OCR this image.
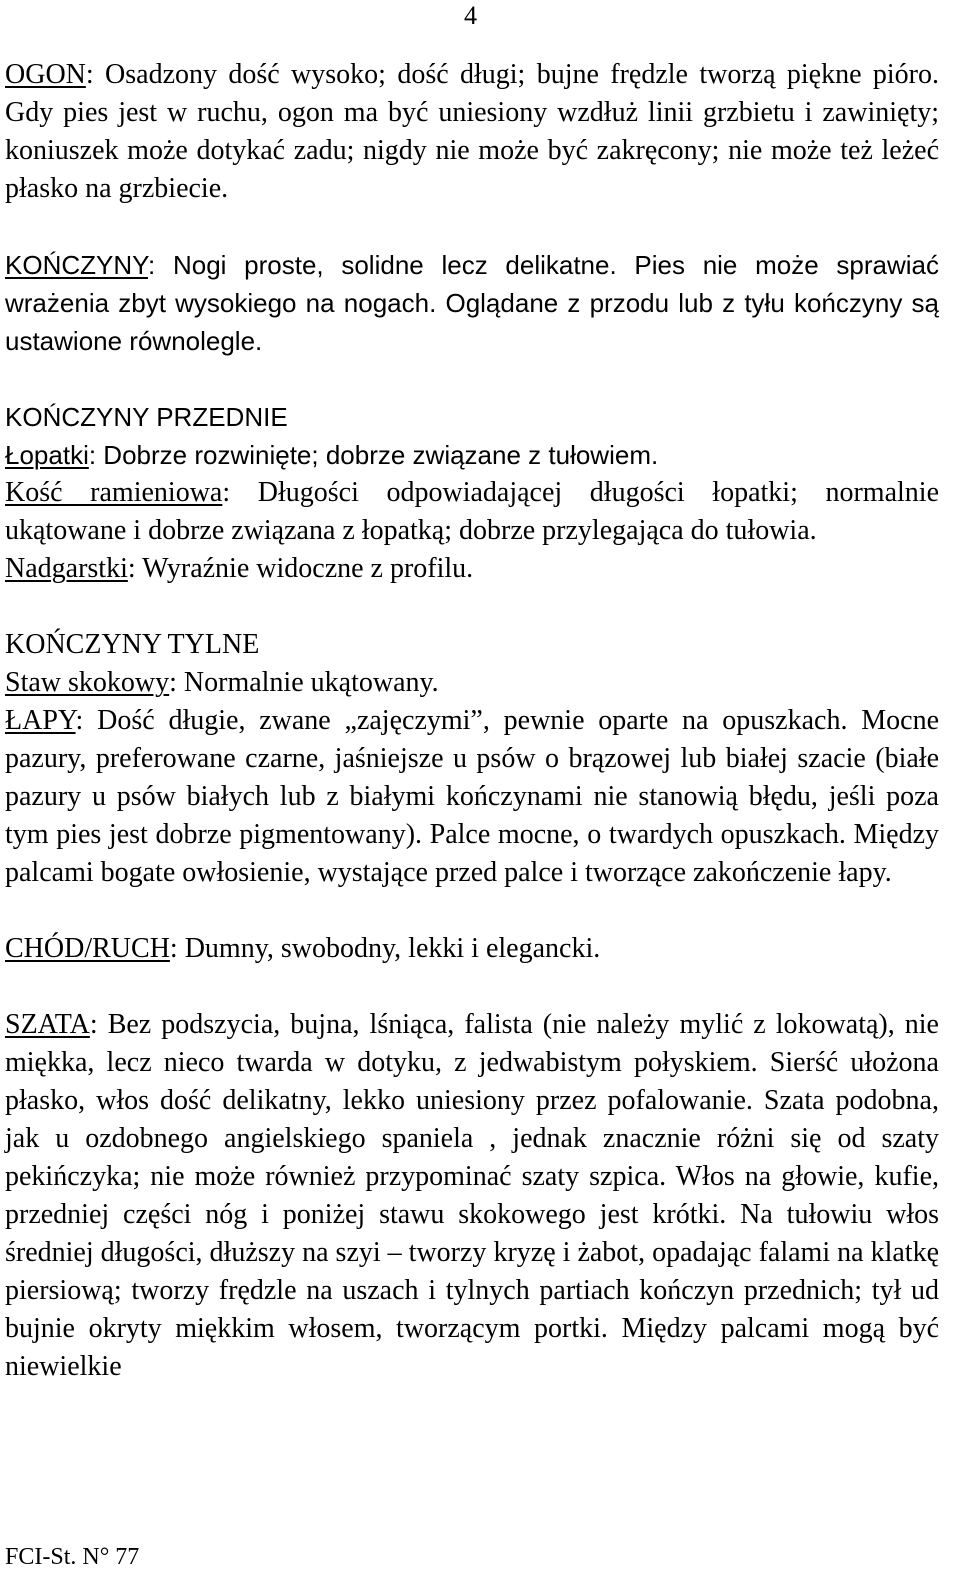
4

OGON: Osadzony dość wysoko; dość długi; bujne frędzle tworzą piękne pióro. Gdy pies jest w ruchu, ogon ma być uniesiony wzdłuż linii grzbietu i zawinięty; koniuszek może dotykać zadu; nigdy nie może być zakręcony; nie może też leżeć płasko na grzbiecie.

KOŃCZYNY: Nogi proste, solidne lecz delikatne. Pies nie może sprawiać wrażenia zbyt wysokiego na nogach. Oglądane z przodu lub z tyłu kończyny są ustawione równolegle.

KOŃCZYNY PRZEDNIE

Łopatki: Dobrze rozwinięte; dobrze związane z tułowiem.

Kość ramieniowa: Długości odpowiadającej długości łopatki; normalnie ukątowane i dobrze związana z łopatką; dobrze przylegająca do tułowia.

Nadgarstki: Wyraźnie widoczne z profilu.

KOŃCZYNY TYLNE

Staw skokowy: Normalnie ukątowany.

ŁAPY: Dość długie, zwane „zajęczymi”, pewnie oparte na opuszkach. Mocne pazury, preferowane czarne, jaśniejsze u psów o brązowej lub białej szacie (białe pazury u psów białych lub z białymi kończynami nie stanowią błędu, jeśli poza tym pies jest dobrze pigmentowany). Palce mocne, o twardych opuszkach. Między palcami bogate owłosienie, wystające przed palce i tworzące zakończenie łapy.

CHÓD/RUCH: Dumny, swobodny, lekki i elegancki.

SZATA: Bez podszycia, bujna, lśniąca, falista (nie należy mylić z lokowatą), nie miękka, lecz nieco twarda w dotyku, z jedwabistym połyskiem. Sierść ułożona płasko, włos dość delikatny, lekko uniesiony przez pofalowanie. Szata podobna, jak u ozdobnego angielskiego spaniela , jednak znacznie różni się od szaty pekińczyka; nie może również przypominać szaty szpica. Włos na głowie, kufie, przedniej części nóg i poniżej stawu skokowego jest krótki. Na tułowiu włos średniej długości, dłuższy na szyi – tworzy kryzę i żabot, opadając falami na klatkę piersiową; tworzy frędzle na uszach i tylnych partiach kończyn przednich; tył ud bujnie okryty miękkim włosem, tworzącym portki. Między palcami mogą być niewielkie

FCI-St. N° 77
